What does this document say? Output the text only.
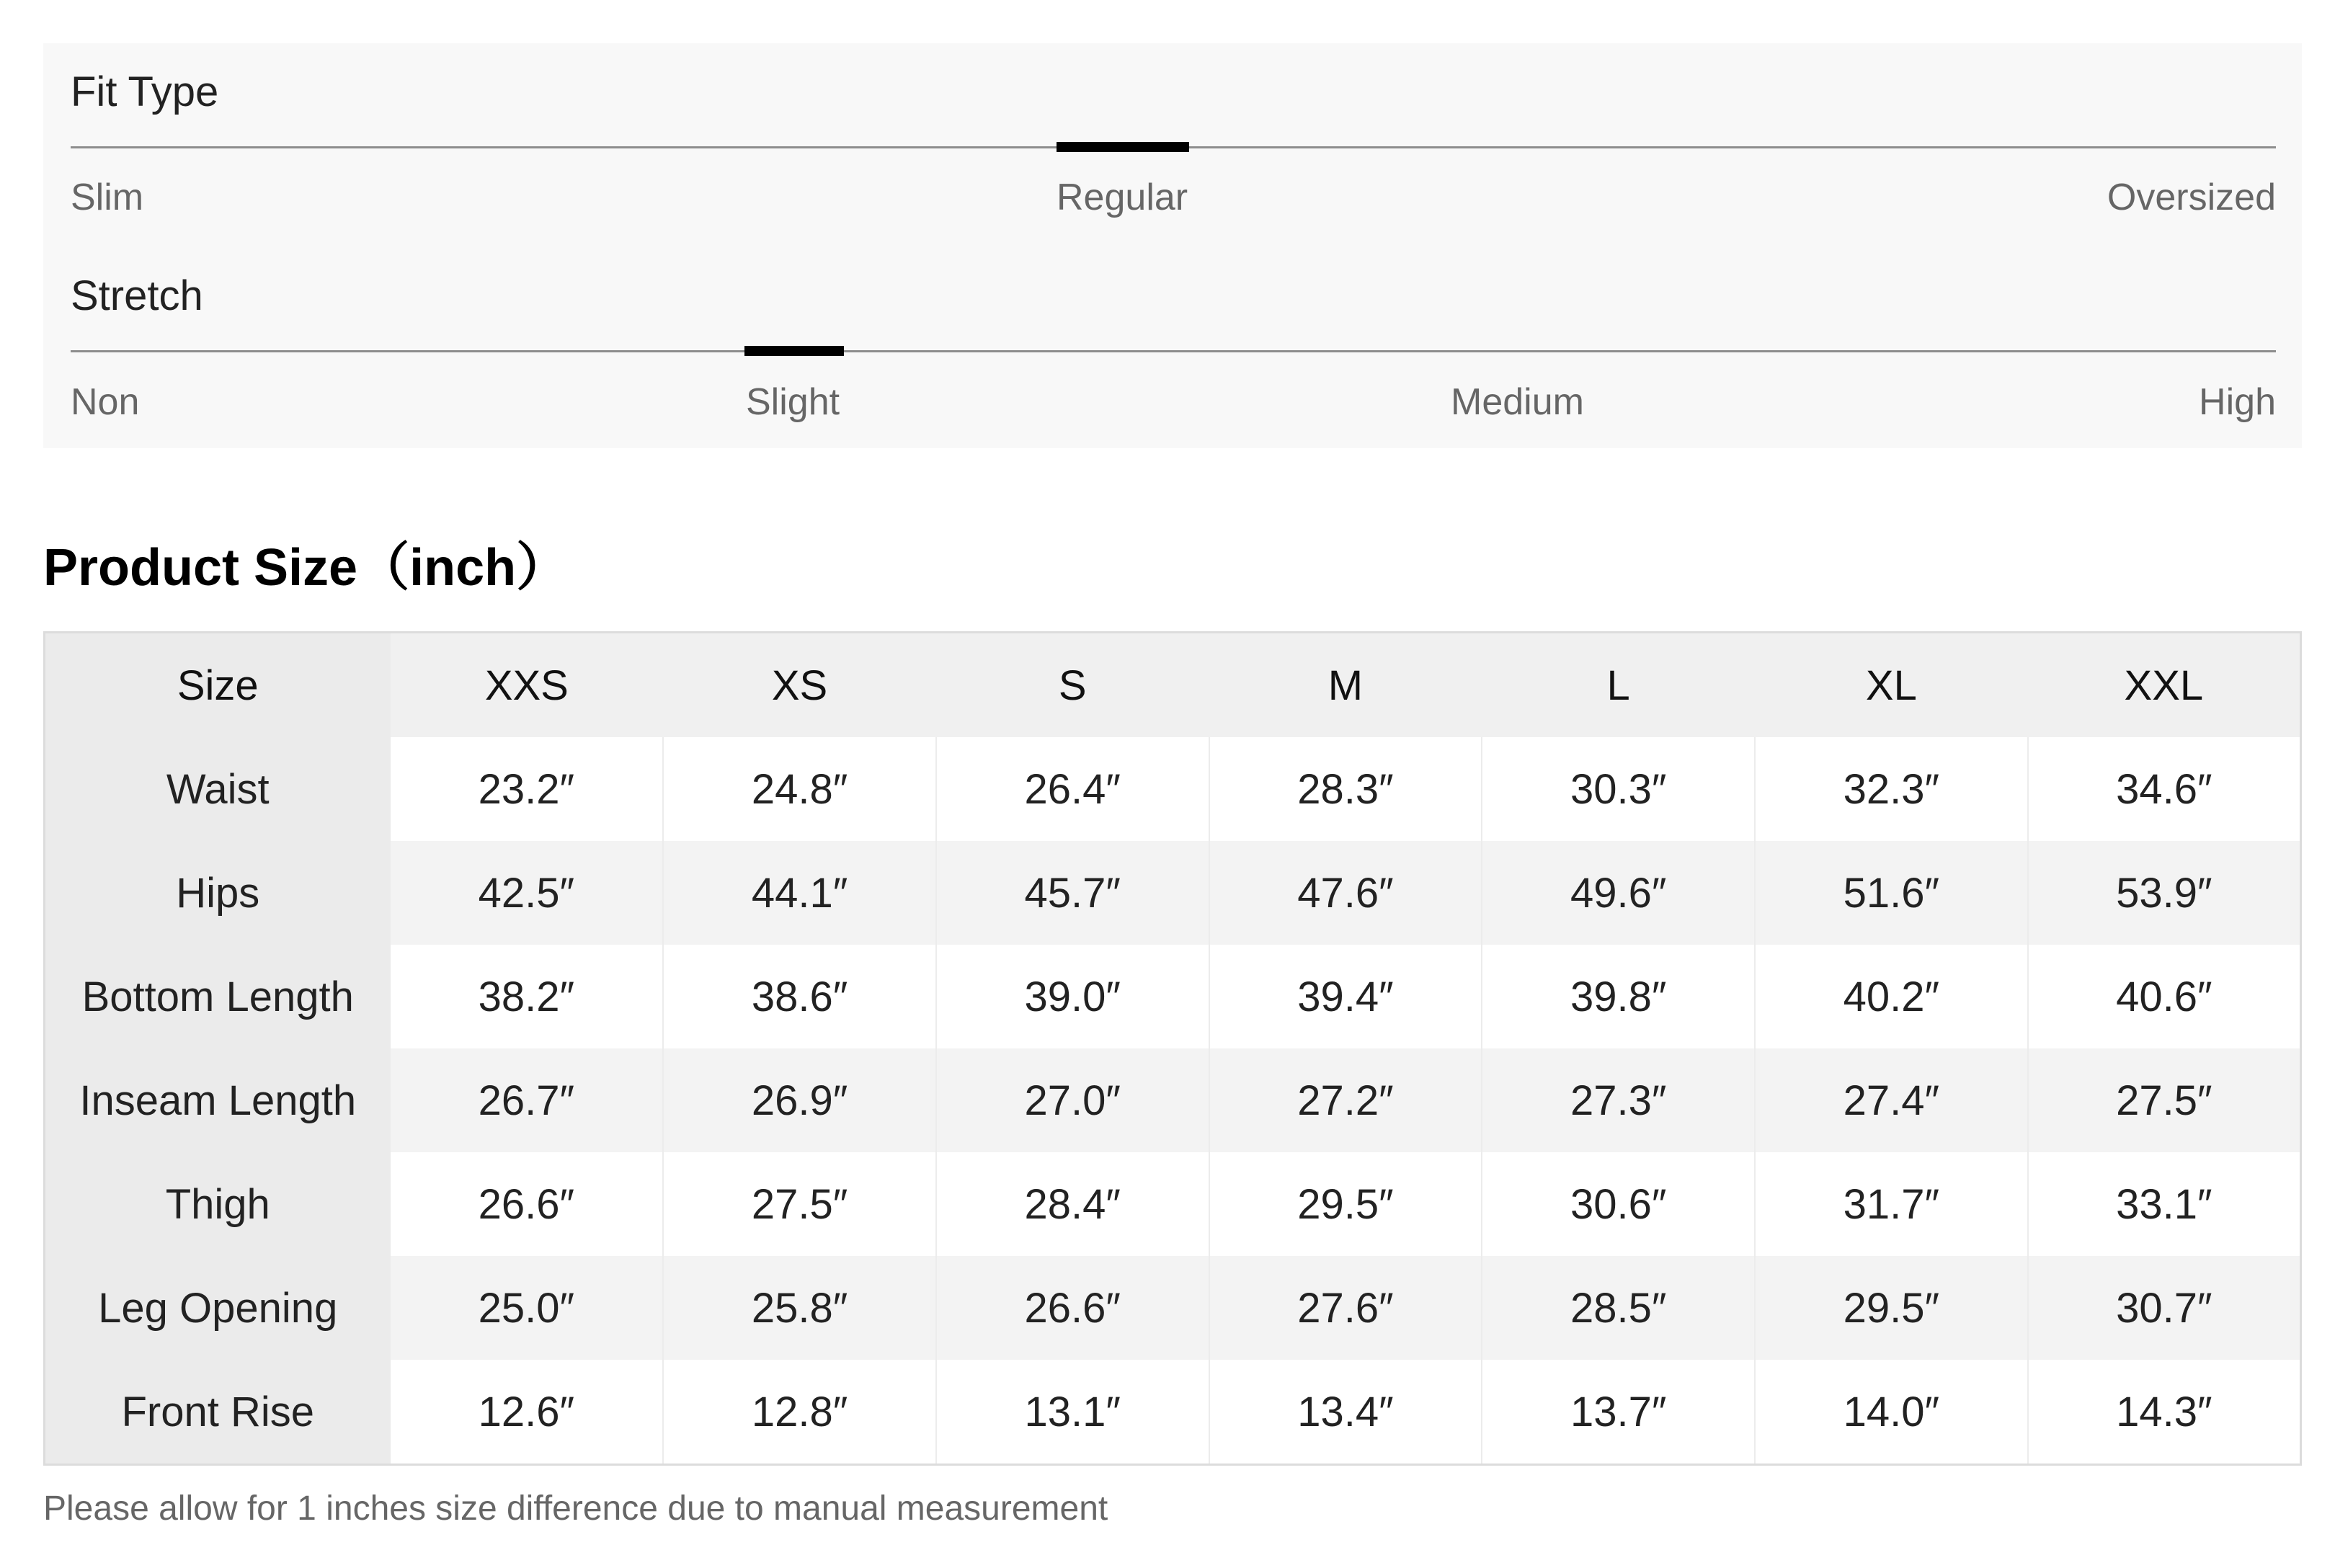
Fit Type
Slim	Regular	Oversized
Stretch
Non	Slight	Medium	High
Product Size（inch）
Size	XXS	XS	S	M	L	XL	XXL
Waist	23.2″	24.8″	26.4″	28.3″	30.3″	32.3″	34.6″
Hips	42.5″	44.1″	45.7″	47.6″	49.6″	51.6″	53.9″
Bottom Length	38.2″	38.6″	39.0″	39.4″	39.8″	40.2″	40.6″
Inseam Length	26.7″	26.9″	27.0″	27.2″	27.3″	27.4″	27.5″
Thigh	26.6″	27.5″	28.4″	29.5″	30.6″	31.7″	33.1″
Leg Opening	25.0″	25.8″	26.6″	27.6″	28.5″	29.5″	30.7″
Front Rise	12.6″	12.8″	13.1″	13.4″	13.7″	14.0″	14.3″

Please allow for 1 inches size difference due to manual measurement
